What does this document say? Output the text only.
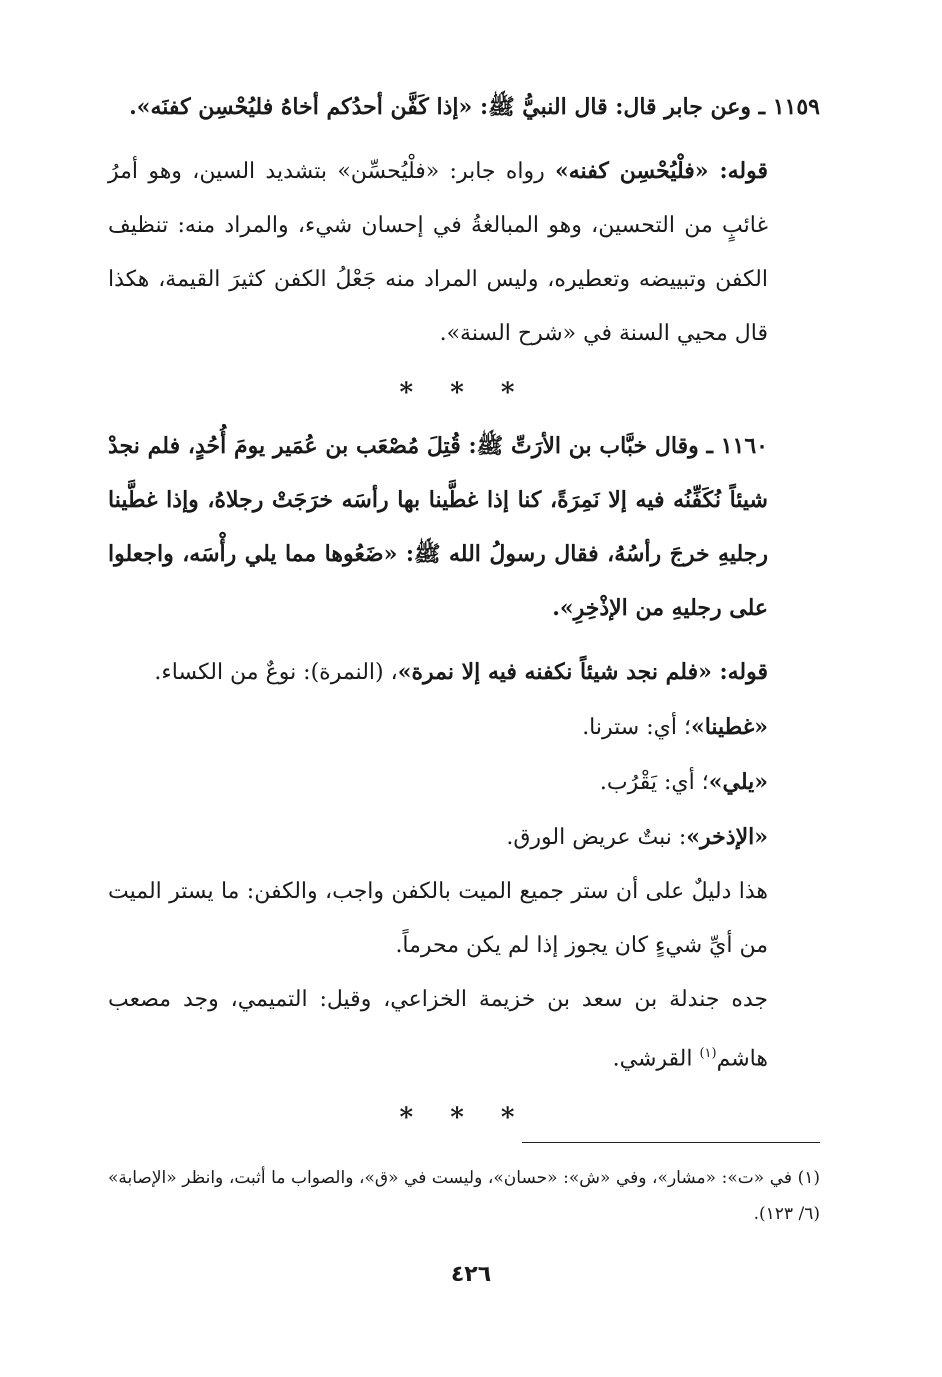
١١٥٩ ـ وعن جابر قال: قال النبيُّ ﷺ: «إذا كَفَّن أحدُكم أخاهُ فليُحْسِن كفنَه».

قوله: «فلْيُحْسِن كفنه» رواه جابر: «فلْيُحسِّن» بتشديد السين، وهو أمرُ غائبٍ من التحسين، وهو المبالغةُ في إحسان شيء، والمراد منه: تنظيف الكفن وتبييضه وتعطيره، وليس المراد منه جَعْلُ الكفن كثيرَ القيمة، هكذا قال محيي السنة في «شرح السنة».

* * *

١١٦٠ ـ وقال خبَّاب بن الأرَتِّ ﷺ: قُتِلَ مُصْعَب بن عُمَير يومَ أُحُدٍ، فلم نجدْ شيئاً نُكَفِّنُه فيه إلا نَمِرَةً، كنا إذا غطَّينا بها رأسَه خرَجَتْ رجلاهُ، وإذا غطَّينا رجليهِ خرجَ رأسُهُ، فقال رسولُ الله ﷺ: «ضَعُوها مما يلي رأْسَه، واجعلوا على رجليهِ من الإذْخِرِ».

قوله: «فلم نجد شيئاً نكفنه فيه إلا نمرة»، (النمرة): نوعٌ من الكساء.

«غطينا»؛ أي: سترنا.

«يلي»؛ أي: يَقْرُب.

«الإذخر»: نبتٌ عريض الورق.

هذا دليلٌ على أن ستر جميع الميت بالكفن واجب، والكفن: ما يستر الميت من أيِّ شيءٍ كان يجوز إذا لم يكن محرماً.

جده جندلة بن سعد بن خزيمة الخزاعي، وقيل: التميمي، وجد مصعب هاشم$^{(١)}$ القرشي.

* * *
(١) في «ت»: «مشار»، وفي «ش»: «حسان»، وليست في «ق»، والصواب ما أثبت، وانظر «الإصابة» (٦/ ١٢٣).
٤٢٦
